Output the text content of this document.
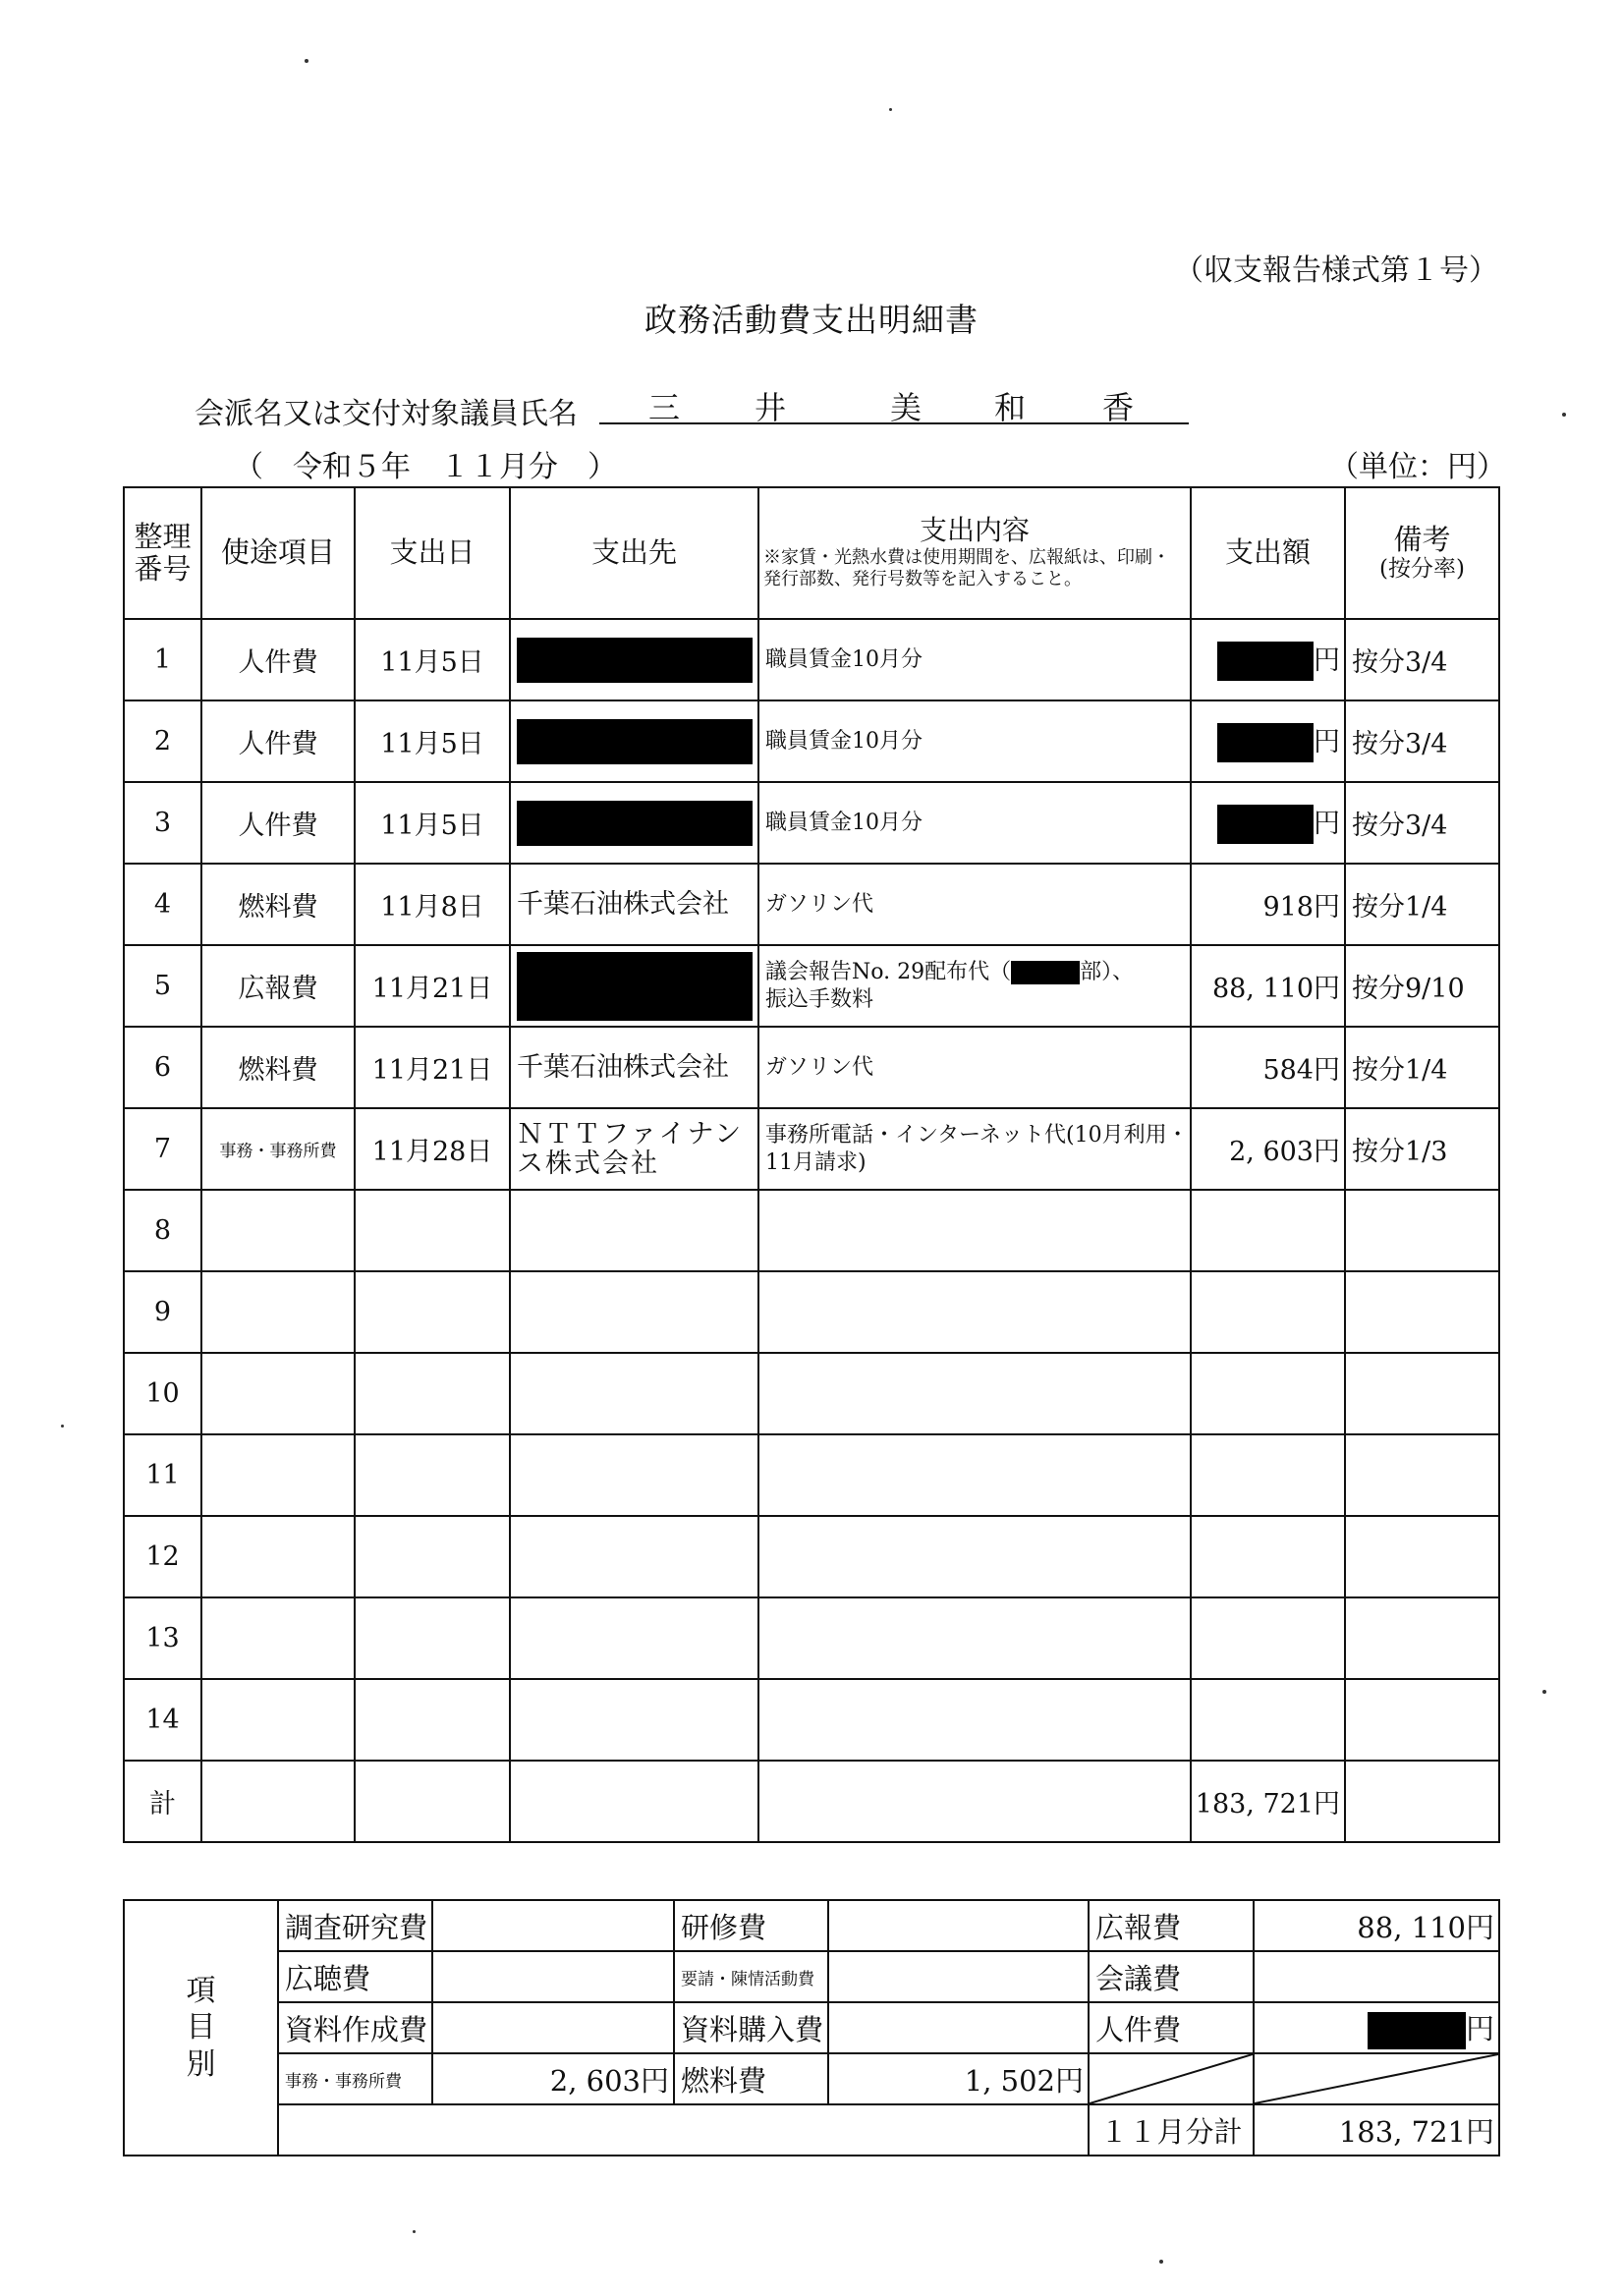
（収支報告様式第１号）
政務活動費支出明細書
会派名又は交付対象議員氏名 三 井	美 和 香
（　令和５年　１１月分　）	（単位：円）
整理
番号	使途項目	支出日	支出先	支出内容
※家賃・光熱水費は使用期間を、広報紙は、印刷・発行部数、発行号数等を記入すること。	支出額	備考
(按分率)

1	人件費	11月5日		職員賃金10月分	円	按分3/4
2	人件費	11月5日		職員賃金10月分	円	按分3/4
3	人件費	11月5日		職員賃金10月分	円	按分3/4
4	燃料費	11月8日	千葉石油株式会社	ガソリン代	918円	按分1/4
5	広報費	11月21日		議会報告No. 29配布代（ 部）、
振込手数料	88, 110円	按分9/10
6	燃料費	11月21日	千葉石油株式会社	ガソリン代	584円	按分1/4
7	事務・事務所費	11月28日	ＮＴＴファイナンス株式会社	事務所電話・インターネット代(10月利用・11月請求)	2, 603円	按分1/3
8						
9						
10						
11						
12						
13						
14						
計					183, 721円	
項
目
別	調査研究費		研修費		広報費	88, 110円
	広聴費		要請・陳情活動費		会議費	
	資料作成費		資料購入費		人件費	円
	事務・事務所費	2, 603円	燃料費	1, 502円	

					１１月分計	183, 721円
